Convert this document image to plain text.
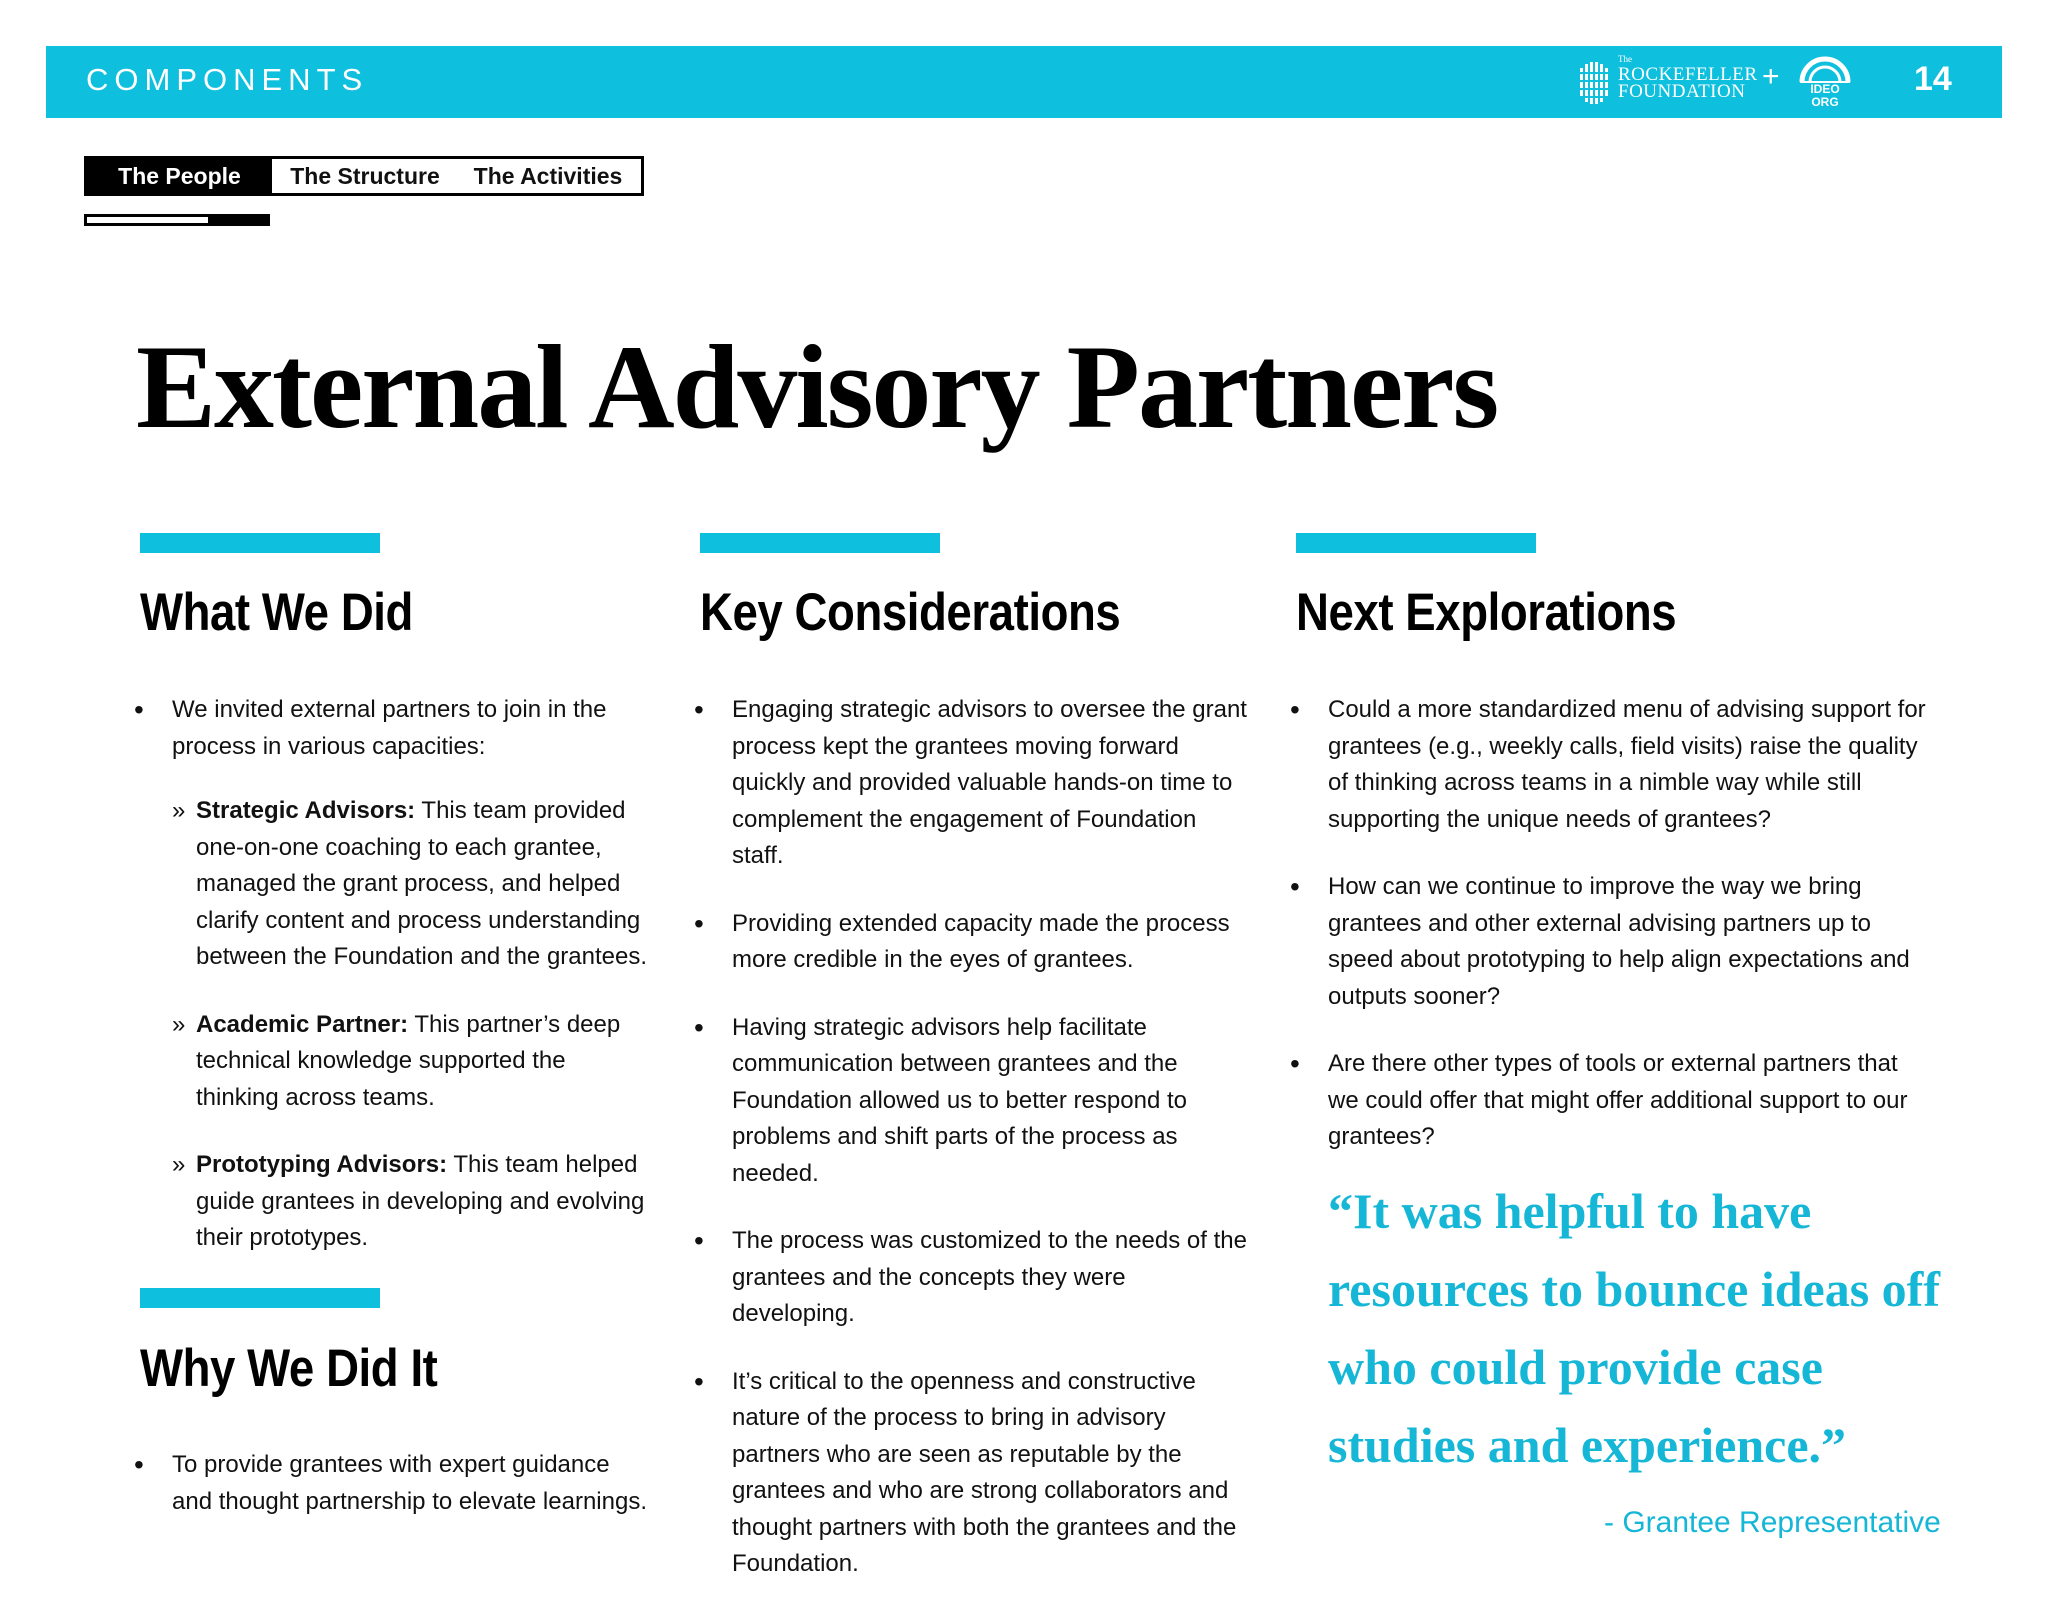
COMPONENTS
The
ROCKEFELLER
FOUNDATION +	IDEO
ORG
14
The People	The Structure	The Activities
External Advisory Partners
What We Did
• We invited external partners to join in the process in various capacities:
» Strategic Advisors: This team provided one-on-one coaching to each grantee, managed the grant process, and helped clarify content and process understanding between the Foundation and the grantees.
» Academic Partner: This partner’s deep technical knowledge supported the thinking across teams.
» Prototyping Advisors: This team helped guide grantees in developing and evolving their prototypes.
Why We Did It
• To provide grantees with expert guidance and thought partnership to elevate learnings.
Key Considerations
• Engaging strategic advisors to oversee the grant process kept the grantees moving forward quickly and provided valuable hands-on time to complement the engagement of Foundation staff.
• Providing extended capacity made the process more credible in the eyes of grantees.
• Having strategic advisors help facilitate communication between grantees and the Foundation allowed us to better respond to problems and shift parts of the process as needed.
• The process was customized to the needs of the grantees and the concepts they were developing.
• It’s critical to the openness and constructive nature of the process to bring in advisory partners who are seen as reputable by the grantees and who are strong collaborators and thought partners with both the grantees and the Foundation.
Next Explorations
• Could a more standardized menu of advising support for grantees (e.g., weekly calls, field visits) raise the quality of thinking across teams in a nimble way while still supporting the unique needs of grantees?
• How can we continue to improve the way we bring grantees and other external advising partners up to speed about prototyping to help align expectations and outputs sooner?
• Are there other types of tools or external partners that we could offer that might offer additional support to our grantees?
“It was helpful to have resources to bounce ideas off who could provide case studies and experience.”
- Grantee Representative
